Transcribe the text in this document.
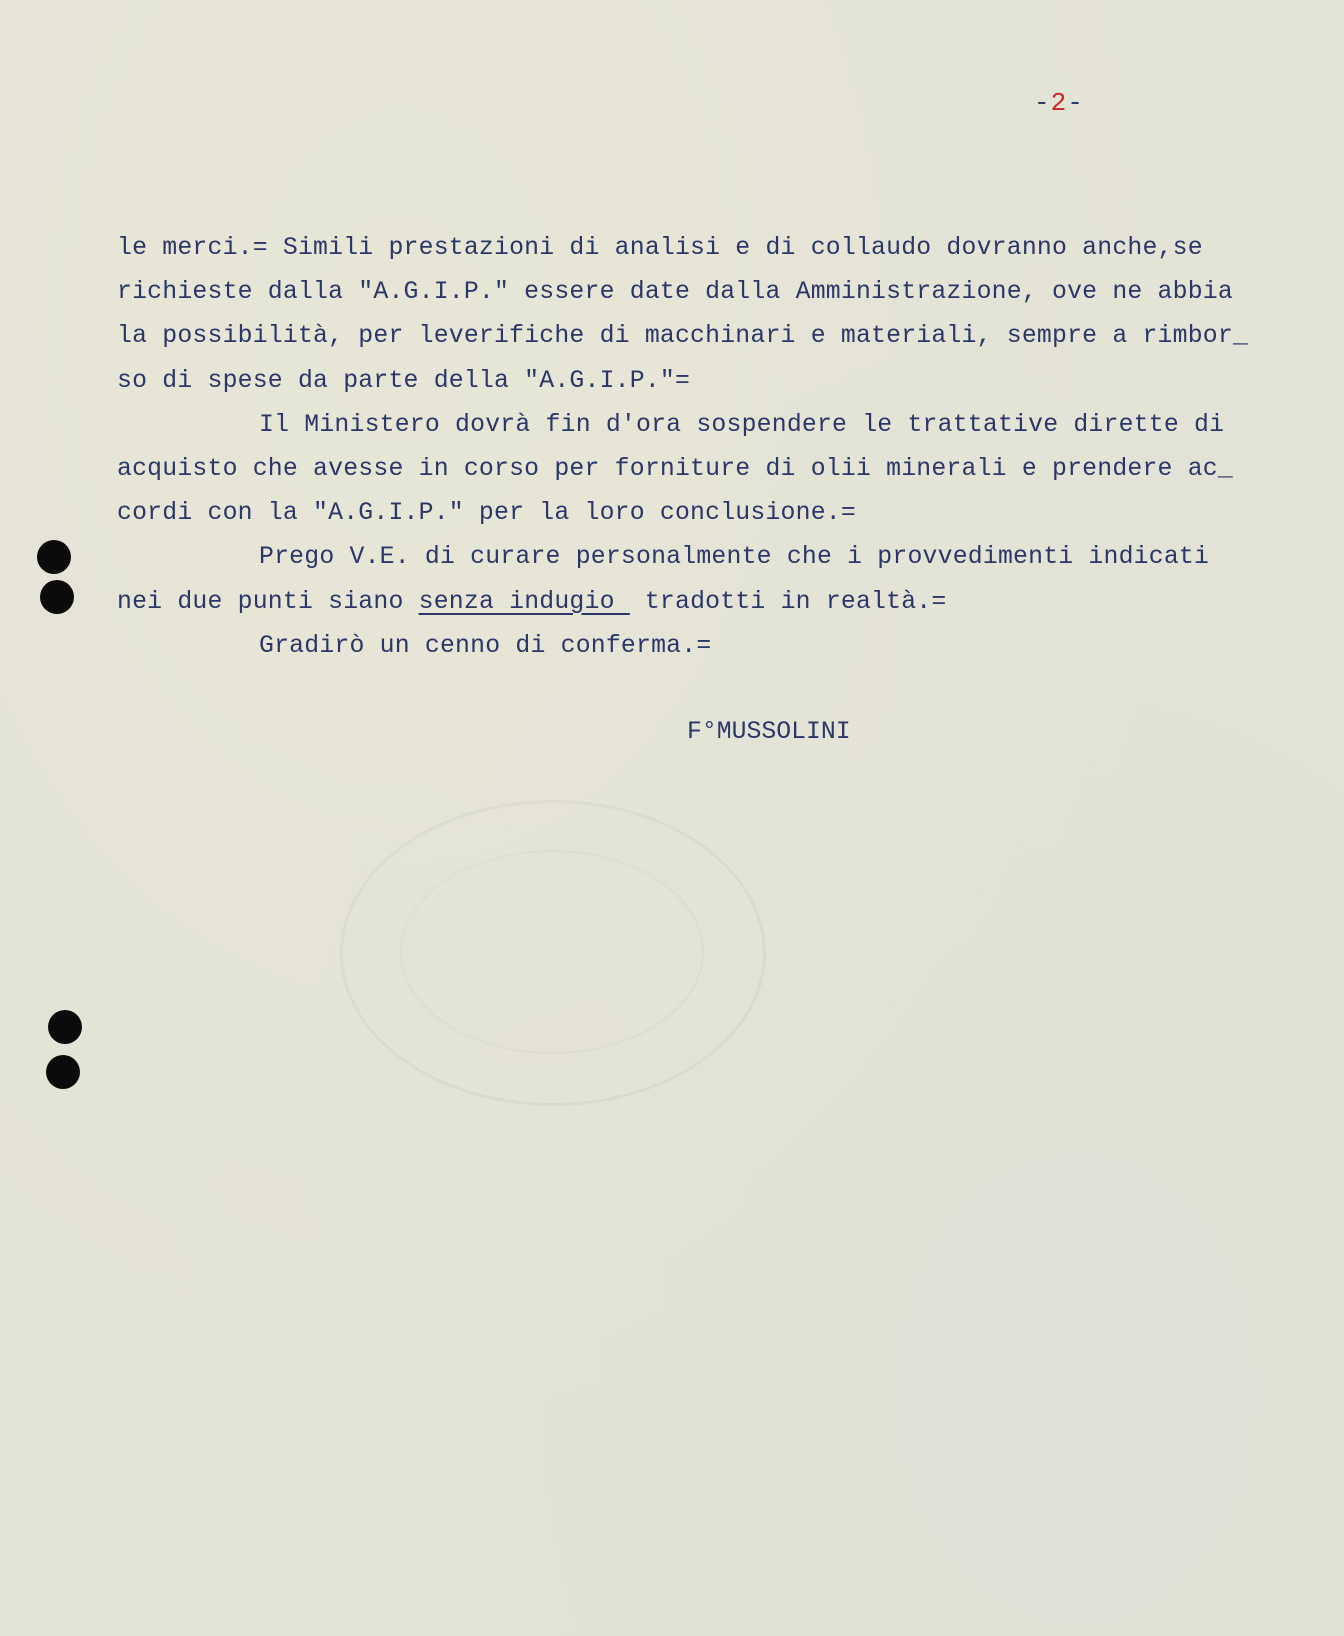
-2-
le merci.= Simili prestazioni di analisi e di collaudo dovranno anche,se
richieste dalla "A.G.I.P." essere date dalla Amministrazione, ove ne abbia
la possibilità, per leverifiche di macchinari e materiali, sempre a rimbor_
so di spese da parte della "A.G.I.P."=
Il Ministero dovrà fin d'ora sospendere le trattative dirette di
acquisto che avesse in corso per forniture di olii minerali e prendere ac_
cordi con la "A.G.I.P." per la loro conclusione.=
Prego V.E. di curare personalmente che i provvedimenti indicati
nei due punti siano senza indugio  tradotti in realtà.=
Gradirò un cenno di conferma.=
F°MUSSOLINI
